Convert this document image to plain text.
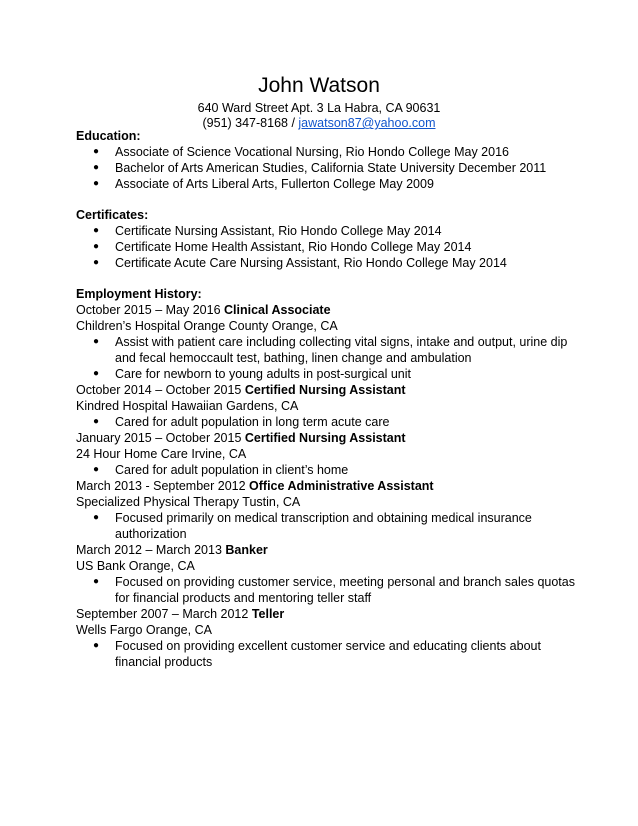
John Watson
640 Ward Street Apt. 3 La Habra, CA 90631
(951) 347-8168 / jawatson87@yahoo.com

Education:

● Associate of Science Vocational Nursing, Rio Hondo College May 2016
● Bachelor of Arts American Studies, California State University December 2011
● Associate of Arts Liberal Arts, Fullerton College May 2009

Certificates:

● Certificate Nursing Assistant, Rio Hondo College May 2014
● Certificate Home Health Assistant, Rio Hondo College May 2014
● Certificate Acute Care Nursing Assistant, Rio Hondo College May 2014

Employment History:

October 2015 – May 2016 Clinical Associate

Children’s Hospital Orange County Orange, CA

● Assist with patient care including collecting vital signs, intake and output, urine dip and fecal hemoccault test, bathing, linen change and ambulation
● Care for newborn to young adults in post-surgical unit

October 2014 – October 2015 Certified Nursing Assistant

Kindred Hospital Hawaiian Gardens, CA

● Cared for adult population in long term acute care

January 2015 – October 2015 Certified Nursing Assistant

24 Hour Home Care Irvine, CA

● Cared for adult population in client’s home

March 2013 - September 2012 Office Administrative Assistant

Specialized Physical Therapy Tustin, CA

● Focused primarily on medical transcription and obtaining medical insurance authorization

March 2012 – March 2013 Banker

US Bank Orange, CA

● Focused on providing customer service, meeting personal and branch sales quotas for financial products and mentoring teller staff

September 2007 – March 2012 Teller

Wells Fargo Orange, CA

● Focused on providing excellent customer service and educating clients about financial products
